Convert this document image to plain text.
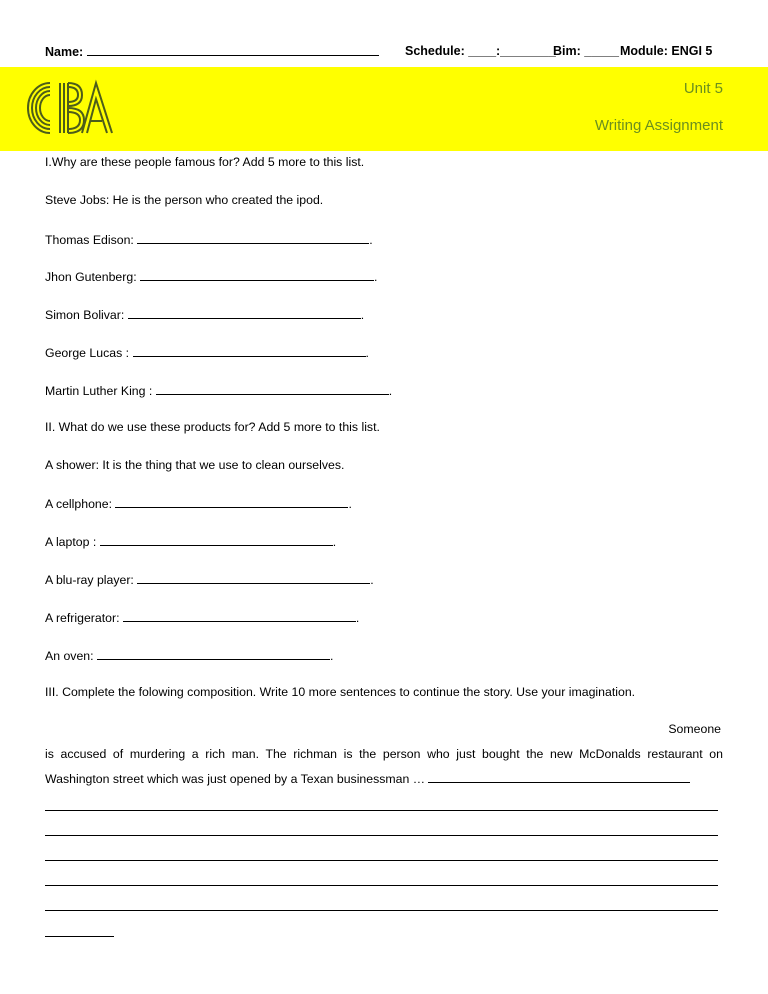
Name:	Schedule: ____:________
Bim: _____ Module: ENGI 5
Unit 5
Writing Assignment
I.Why are these people famous for? Add 5 more to this list.
Steve Jobs: He is the person who created the ipod.
Thomas Edison:	.
Jhon Gutenberg:	.
Simon Bolivar:	.
George Lucas :	.
Martin Luther King :	.
II. What do we use these products for? Add 5 more to this list.
A shower: It is the thing that we use to clean ourselves.
A cellphone:	.
A laptop :	.
A blu-ray player:	.
A refrigerator:	.
An oven:	.
III. Complete the folowing composition. Write 10 more sentences to continue the story. Use your imagination.
Someone
is accused of murdering a rich man. The richman is the person who just bought the new McDonalds restaurant on Washington street which was just opened by a Texan businessman …
